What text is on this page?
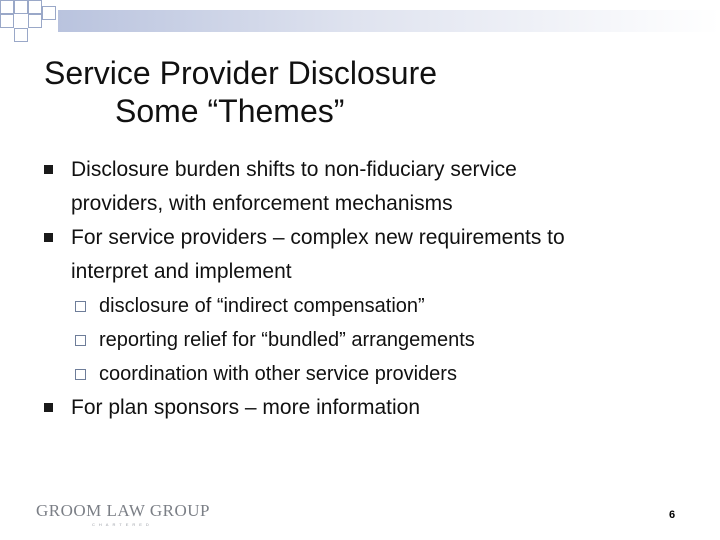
Service Provider Disclosure
Some “Themes”
Disclosure burden shifts to non-fiduciary service
providers, with enforcement mechanisms
For service providers – complex new requirements to
interpret and implement
disclosure of “indirect compensation”
reporting relief for “bundled” arrangements
coordination with other service providers
For plan sponsors – more information
GROOM LAW GROUP
CHARTERED
6
